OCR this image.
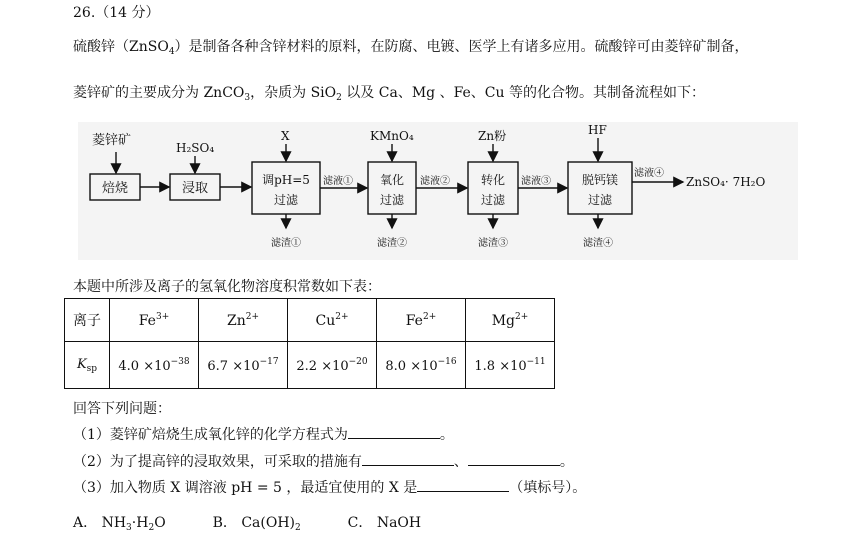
26.（14 分）
硫酸锌（ZnSO$_4$）是制备各种含锌材料的原料，在防腐、电镀、医学上有诸多应用。硫酸锌可由菱锌矿制备，
菱锌矿的主要成分为 ZnCO$_3$，杂质为 SiO$_2$ 以及 Ca、Mg 、Fe、Cu 等的化合物。其制备流程如下：
菱锌矿	H₂SO₄
X	KMnO₄	Zn粉	HF
焙烧	浸取
调pH=5
过滤
氧化
过滤
转化
过滤
脱钙镁
过滤
滤液①	滤液②	滤液③
滤液④
滤渣①	滤渣②	滤渣③	滤渣④
ZnSO₄· 7H₂O
本题中所涉及离子的氢氧化物溶度积常数如下表：
离子	$Fe^{3+}$	$Zn^{2+}$	$Cu^{2+}$	$Fe^{2+}$	$Mg^{2+}$
$K_{sp}$	$4.0 \times 10^{-38}$	$6.7 \times 10^{-17}$	$2.2 \times 10^{-20}$	$8.0 \times 10^{-16}$	$1.8 \times 10^{-11}$
回答下列问题：
（1）菱锌矿焙烧生成氧化锌的化学方程式为	。
（2）为了提高锌的浸取效果，可采取的措施有	、	。
（3）加入物质 X 调溶液 pH = 5 ，最适宜使用的 X 是	（填标号）。
A． $NH_3\cdot H_2O$	B． $Ca(OH)_2$	C． NaOH
